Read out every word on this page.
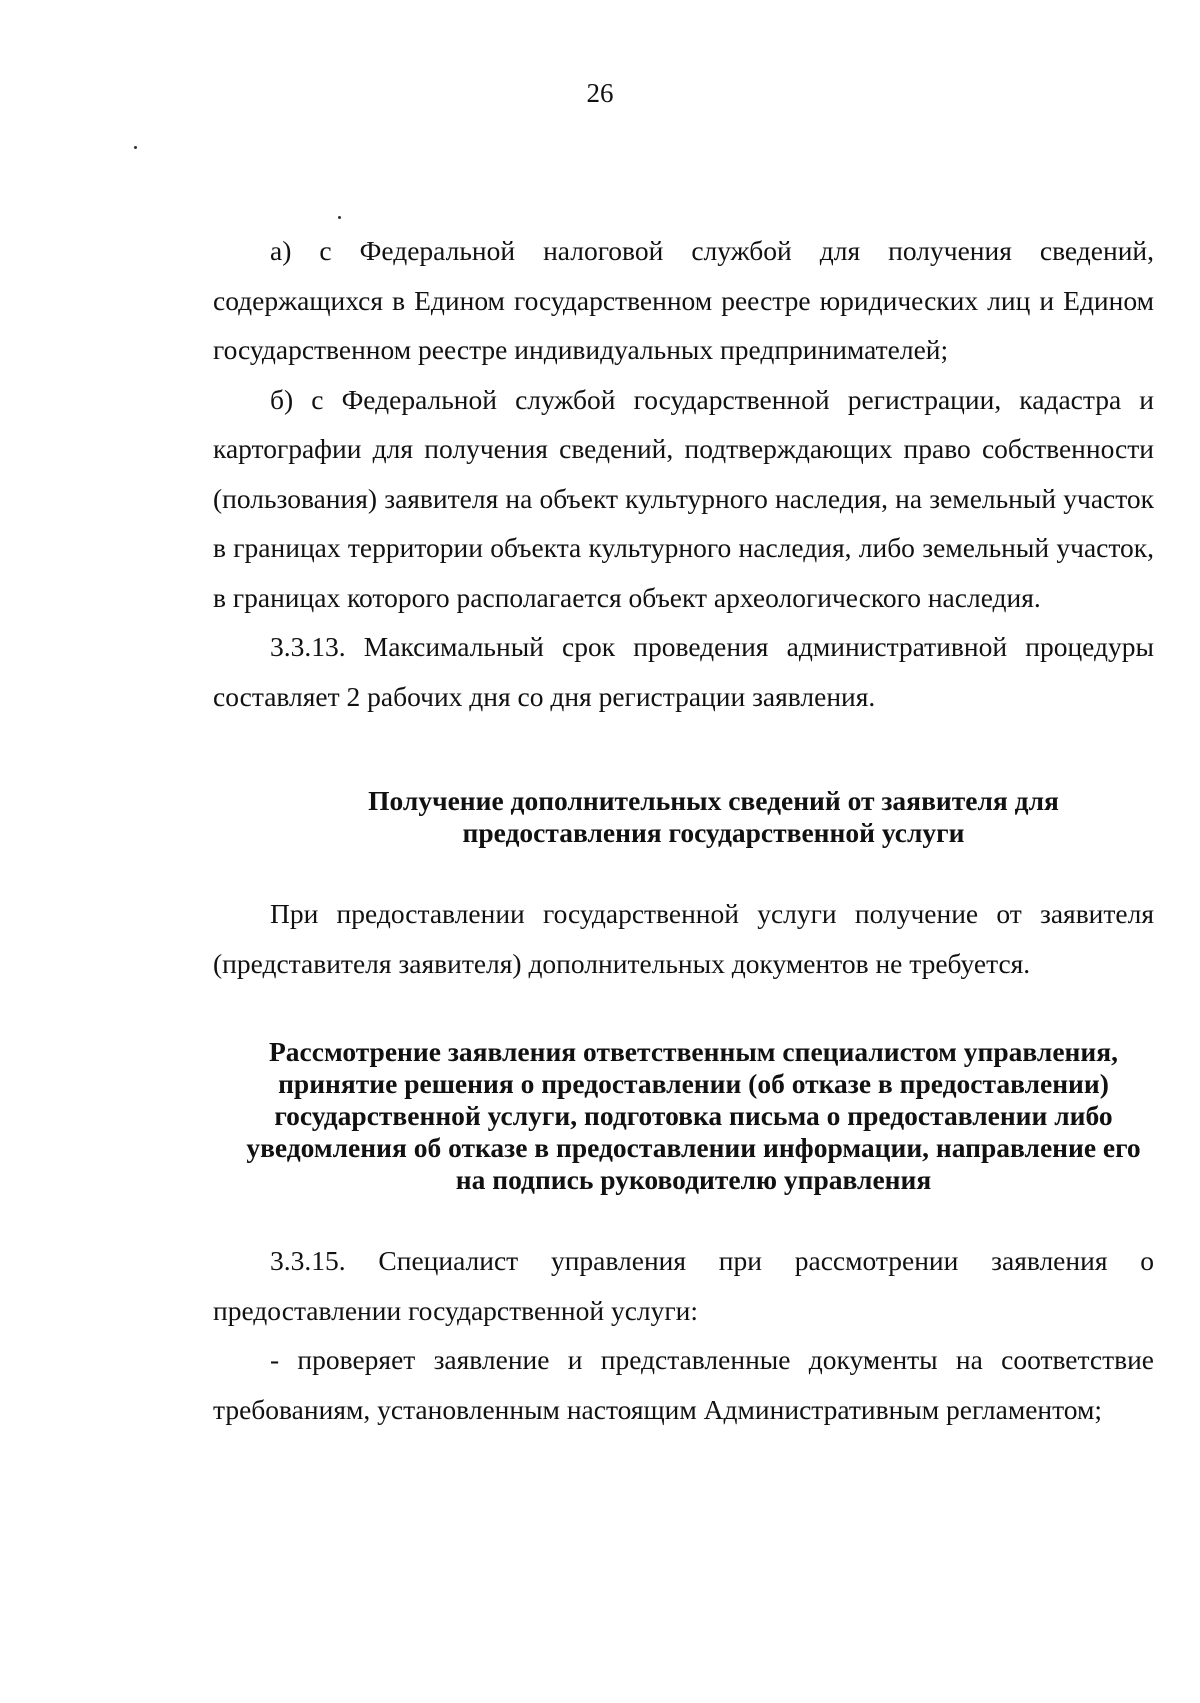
26

а) с Федеральной налоговой службой для получения сведений, содержащихся в Едином государственном реестре юридических лиц и Едином государственном реестре индивидуальных предпринимателей;

б) с Федеральной службой государственной регистрации, кадастра и картографии для получения сведений, подтверждающих право собственности (пользования) заявителя на объект культурного наследия, на земельный участок в границах территории объекта культурного наследия, либо земельный участок, в границах которого располагается объект археологического наследия.

3.3.13. Максимальный срок проведения административной процедуры составляет 2 рабочих дня со дня регистрации заявления.

Получение дополнительных сведений от заявителя для предоставления государственной услуги

При предоставлении государственной услуги получение от заявителя (представителя заявителя) дополнительных документов не требуется.

Рассмотрение заявления ответственным специалистом управления, принятие решения о предоставлении (об отказе в предоставлении) государственной услуги, подготовка письма о предоставлении либо уведомления об отказе в предоставлении информации, направление его на подпись руководителю управления

3.3.15. Специалист управления при рассмотрении заявления о предоставлении государственной услуги:

- проверяет заявление и представленные документы на соответствие требованиям, установленным настоящим Административным регламентом;
